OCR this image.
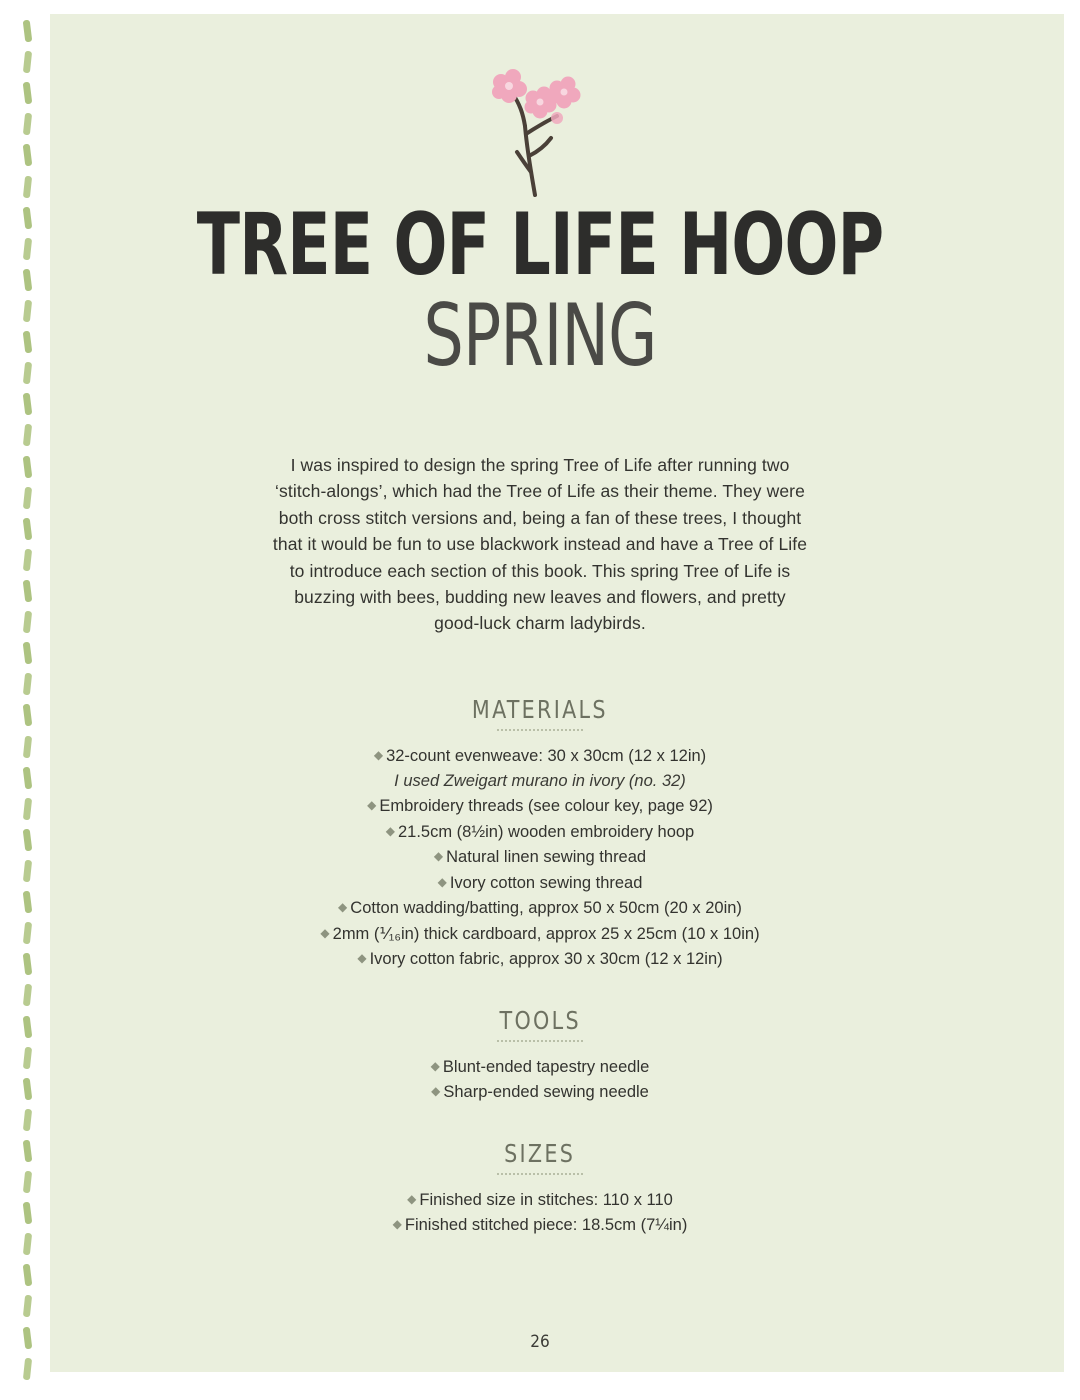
TREE OF LIFE HOOP
SPRING
I was inspired to design the spring Tree of Life after running two ‘stitch-alongs’, which had the Tree of Life as their theme. They were both cross stitch versions and, being a fan of these trees, I thought that it would be fun to use blackwork instead and have a Tree of Life to introduce each section of this book. This spring Tree of Life is buzzing with bees, budding new leaves and flowers, and pretty good-luck charm ladybirds.
MATERIALS
◆ 32-count evenweave: 30 x 30cm (12 x 12in)
I used Zweigart murano in ivory (no. 32)
◆ Embroidery threads (see colour key, page 92)
◆ 21.5cm (8½in) wooden embroidery hoop
◆ Natural linen sewing thread
◆ Ivory cotton sewing thread
◆ Cotton wadding/batting, approx 50 x 50cm (20 x 20in)
◆ 2mm (⅟₁₆in) thick cardboard, approx 25 x 25cm (10 x 10in)
◆ Ivory cotton fabric, approx 30 x 30cm (12 x 12in)
TOOLS
◆ Blunt-ended tapestry needle
◆ Sharp-ended sewing needle
SIZES
◆ Finished size in stitches: 110 x 110
◆ Finished stitched piece: 18.5cm (7¼in)
26
